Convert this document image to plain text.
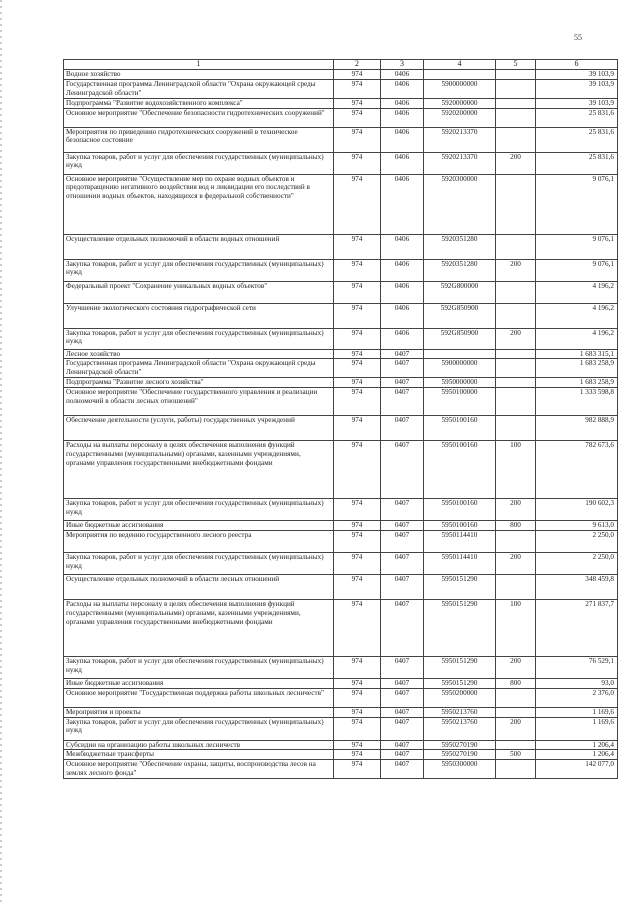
55
1	2	3	4	5	6
Водное хозяйство	974	0406			39 103,9
Государственная программа Ленинградской области "Охрана окружающей среды Ленинградской области"	974	0406	5900000000		39 103,9
Подпрограмма "Развитие водохозяйственного комплекса"	974	0406	5920000000		39 103,9
Основное мероприятие "Обеспечение безопасности гидротехнических сооружений"	974	0406	5920200000		25 831,6
Мероприятия по приведению гидротехнических сооружений в техническое безопасное состояние	974	0406	5920213370		25 831,6
Закупка товаров, работ и услуг для обеспечения государственных (муниципальных) нужд	974	0406	5920213370	200	25 831,6
Основное мероприятие "Осуществление мер по охране водных объектов и предотвращению негативного воздействия вод и ликвидации его последствий в отношении водных объектов, находящихся в федеральной собственности"	974	0406	5920300000		9 076,1
Осуществление отдельных полномочий в области водных отношений	974	0406	5920351280		9 076,1
Закупка товаров, работ и услуг для обеспечения государственных (муниципальных) нужд	974	0406	5920351280	200	9 076,1
Федеральный проект "Сохранение уникальных водных объектов"	974	0406	592G800000		4 196,2
Улучшение экологического состояния гидрографической сети	974	0406	592G850900		4 196,2
Закупка товаров, работ и услуг для обеспечения государственных (муниципальных) нужд	974	0406	592G850900	200	4 196,2
Лесное хозяйство	974	0407			1 683 315,1
Государственная программа Ленинградской области "Охрана окружающей среды Ленинградской области"	974	0407	5900000000		1 683 258,9
Подпрограмма "Развитие лесного хозяйства"	974	0407	5950000000		1 683 258,9
Основное мероприятие "Обеспечение государственного управления и реализации полномочий в области лесных отношений"	974	0407	5950100000		1 333 598,8
Обеспечение деятельности (услуги, работы) государственных учреждений	974	0407	5950100160		982 888,9
Расходы на выплаты персоналу в целях обеспечения выполнения функций государственными (муниципальными) органами, казенными учреждениями, органами управления государственными внебюджетными фондами	974	0407	5950100160	100	782 673,6
Закупка товаров, работ и услуг для обеспечения государственных (муниципальных) нужд	974	0407	5950100160	200	190 602,3
Иные бюджетные ассигнования	974	0407	5950100160	800	9 613,0
Мероприятия по ведению государственного лесного реестра	974	0407	5950114410		2 250,0
Закупка товаров, работ и услуг для обеспечения государственных (муниципальных) нужд	974	0407	5950114410	200	2 250,0
Осуществление отдельных полномочий в области лесных отношений	974	0407	5950151290		348 459,8
Расходы на выплаты персоналу в целях обеспечения выполнения функций государственными (муниципальными) органами, казенными учреждениями, органами управления государственными внебюджетными фондами	974	0407	5950151290	100	271 837,7
Закупка товаров, работ и услуг для обеспечения государственных (муниципальных) нужд	974	0407	5950151290	200	76 529,1
Иные бюджетные ассигнования	974	0407	5950151290	800	93,0
Основное мероприятие "Государственная поддержка работы школьных лесничеств"	974	0407	5950200000		2 376,0
Мероприятия и проекты	974	0407	5950213760		1 169,6
Закупка товаров, работ и услуг для обеспечения государственных (муниципальных) нужд	974	0407	5950213760	200	1 169,6
Субсидии на организацию работы школьных лесничеств	974	0407	5950270190		1 206,4
Межбюджетные трансферты	974	0407	5950270190	500	1 206,4
Основное мероприятие "Обеспечение охраны, защиты, воспроизводства лесов на землях лесного фонда"	974	0407	5950300000		142 077,0
